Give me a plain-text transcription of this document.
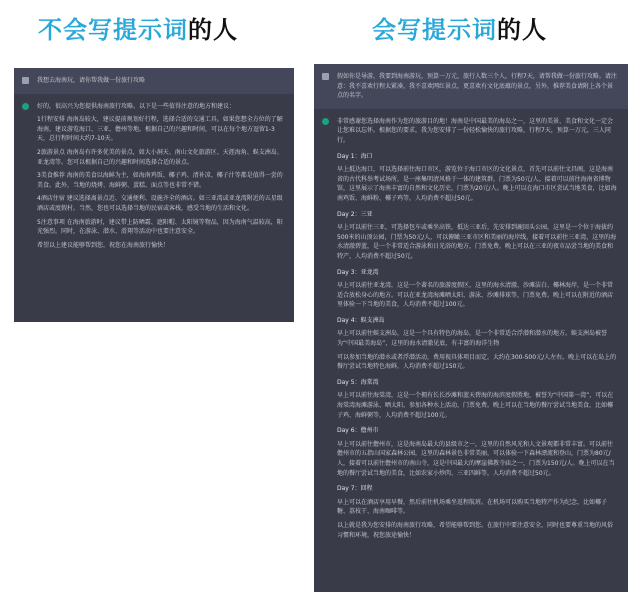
不会写提示词的人	会写提示词的人
我想去海南玩，请你帮我做一份旅行攻略

好的，很高兴为您提供海南旅行攻略。以下是一些值得注意的地方和建议：

1行程安排 海南岛较大，建议提前规划好行程，选择合适的交通工具。如果您想全方位的了解海南，建议游览海口、三亚、儋州等地。根据自己的兴趣和时间，可以在每个地方逗留1-3天，总行程时间大约7-10天。

2旅游景点 海南岛有许多优美的景点，如大小洞天、南山文化旅游区、天涯海角、蜈支洲岛、亚龙湾等。您可以根据自己的兴趣和时间选择合适的景点。

3美食推荐 海南的美食以海鲜为主，如海南鸡饭、椰子鸡、清补凉、椰子汁等都是值得一尝的美食。此外，当地的烧烤、海鲜粥、蛋糕、面点等也非常不错。

4酒店住宿 建议选择离景点近、交通便利、设施齐全的酒店。如三亚湾或亚龙湾附近的五星级酒店或度假村。当然，您也可以选择当地的民宿或客栈，感受当地的生活和文化。

5注意事项 在海南旅游时，建议带上防晒霜、遮阳帽、太阳镜等物品，因为海南气温较高，阳光强烈。同时，在游泳、潜水、滑翔等活动中也要注意安全。

希望以上建议能够帮到您，祝您在海南旅行愉快！

假如你是导游，我要到海南游玩，预算一万元，旅行人数三个人，行程7天，请帮我做一份旅行攻略。请注意：我不喜欢行程太紧凑，我不喜欢网红景点，更喜欢有文化底蕴的景点，另外，推荐美食请附上各个景点的名字。

非常感谢您选择海南作为您的旅游目的地！海南是中国最美的海岛之一，这里的美景、美食和文化一定会让您难以忘怀。根据您的要求，我为您安排了一份轻松愉快的旅行攻略，行程7天，预算一万元，三人同行。

Day 1：海口

早上抵达海口，可以选择前往海口市区，游览位于海口市区的文化景点，首先可以前往文昌阁，这是海南省的古代科举考试场所，是一座集明清风格于一体的建筑群，门票为50元/人。接着可以前往海南省博物馆，这里展示了海南丰富的自然和文化历史，门票为20元/人。晚上可以在海口市区尝试当地美食，比如海南鸡饭、海鲜粉、椰子鸡等，人均消费不超过50元。

Day 2：三亚

早上可以前往三亚，可选择包车或乘坐高铁，抵达三亚后，先安排到鹿回头公园，这里是一个位于海拔约500米的山顶公园，门票为50元/人，可以俯瞰三亚市区和美丽的海岸线，接着可以前往三亚湾，这里的海水清澈碧蓝，是一个非常适合游泳和日光浴的地方，门票免费。晚上可以在三亚的夜市品尝当地的美食和特产，人均消费不超过50元。

Day 3：亚龙湾

早上可以前往亚龙湾，这是一个著名的旅游度假区，这里的海水清澈、沙滩洁白、椰林海岸，是一个非常适合放松身心的地方。可以在亚龙湾海滩晒太阳、游泳、沙滩排球等，门票免费。晚上可以在附近的酒店里体验一下当地的美食，人均消费不超过100元。

Day 4：蜈支洲岛

早上可以前往蜈支洲岛，这是一个具有特色的海岛，是一个非常适合浮潜和潜水的地方。蜈支洲岛被誉为“中国最美海岛”，这里的海水清澈见底，有丰富的海洋生物

可以参加当地的潜水或者浮潜活动，费用视具体项目而定，大约在300-500元/人左右。晚上可以在岛上的餐厅尝试当地特色海鲜，人均消费不超过150元。

Day 5：海棠湾

早上可以前往海棠湾，这是一个拥有长长沙滩和蓝天碧海的海滨度假胜地，被誉为“中国第一湾”，可以在海棠湾海滩游泳、晒太阳、参加各种水上活动，门票免费。晚上可以在当地的餐厅尝试当地美食，比如椰子鸡、海鲜粥等，人均消费不超过100元。

Day 6：儋州市

早上可以前往儋州市，这是海南岛最大的县级市之一，这里的自然风光和人文景观都非常丰富。可以前往儋州市的五指山国家森林公园，这里的森林景色非常美丽，可以体验一下森林漂流和登山，门票为80元/人，接着可以前往儋州市的南山寺，这是中国最大的摩崖佛教寺庙之一，门票为150元/人。晚上可以在当地的餐厅尝试当地的美食，比如农家小炒肉、三亚四鲜等，人均消费不超过50元。

Day 7：回程

早上可以在酒店享用早餐，然后前往机场乘坐返程航班。在机场可以购买当地特产作为纪念，比如椰子糖、荔枝干、海南咖啡等。

以上就是我为您安排的海南旅行攻略，希望能够帮到您。在旅行中要注意安全，同时也要尊重当地的风俗习惯和环境，祝您旅途愉快！
